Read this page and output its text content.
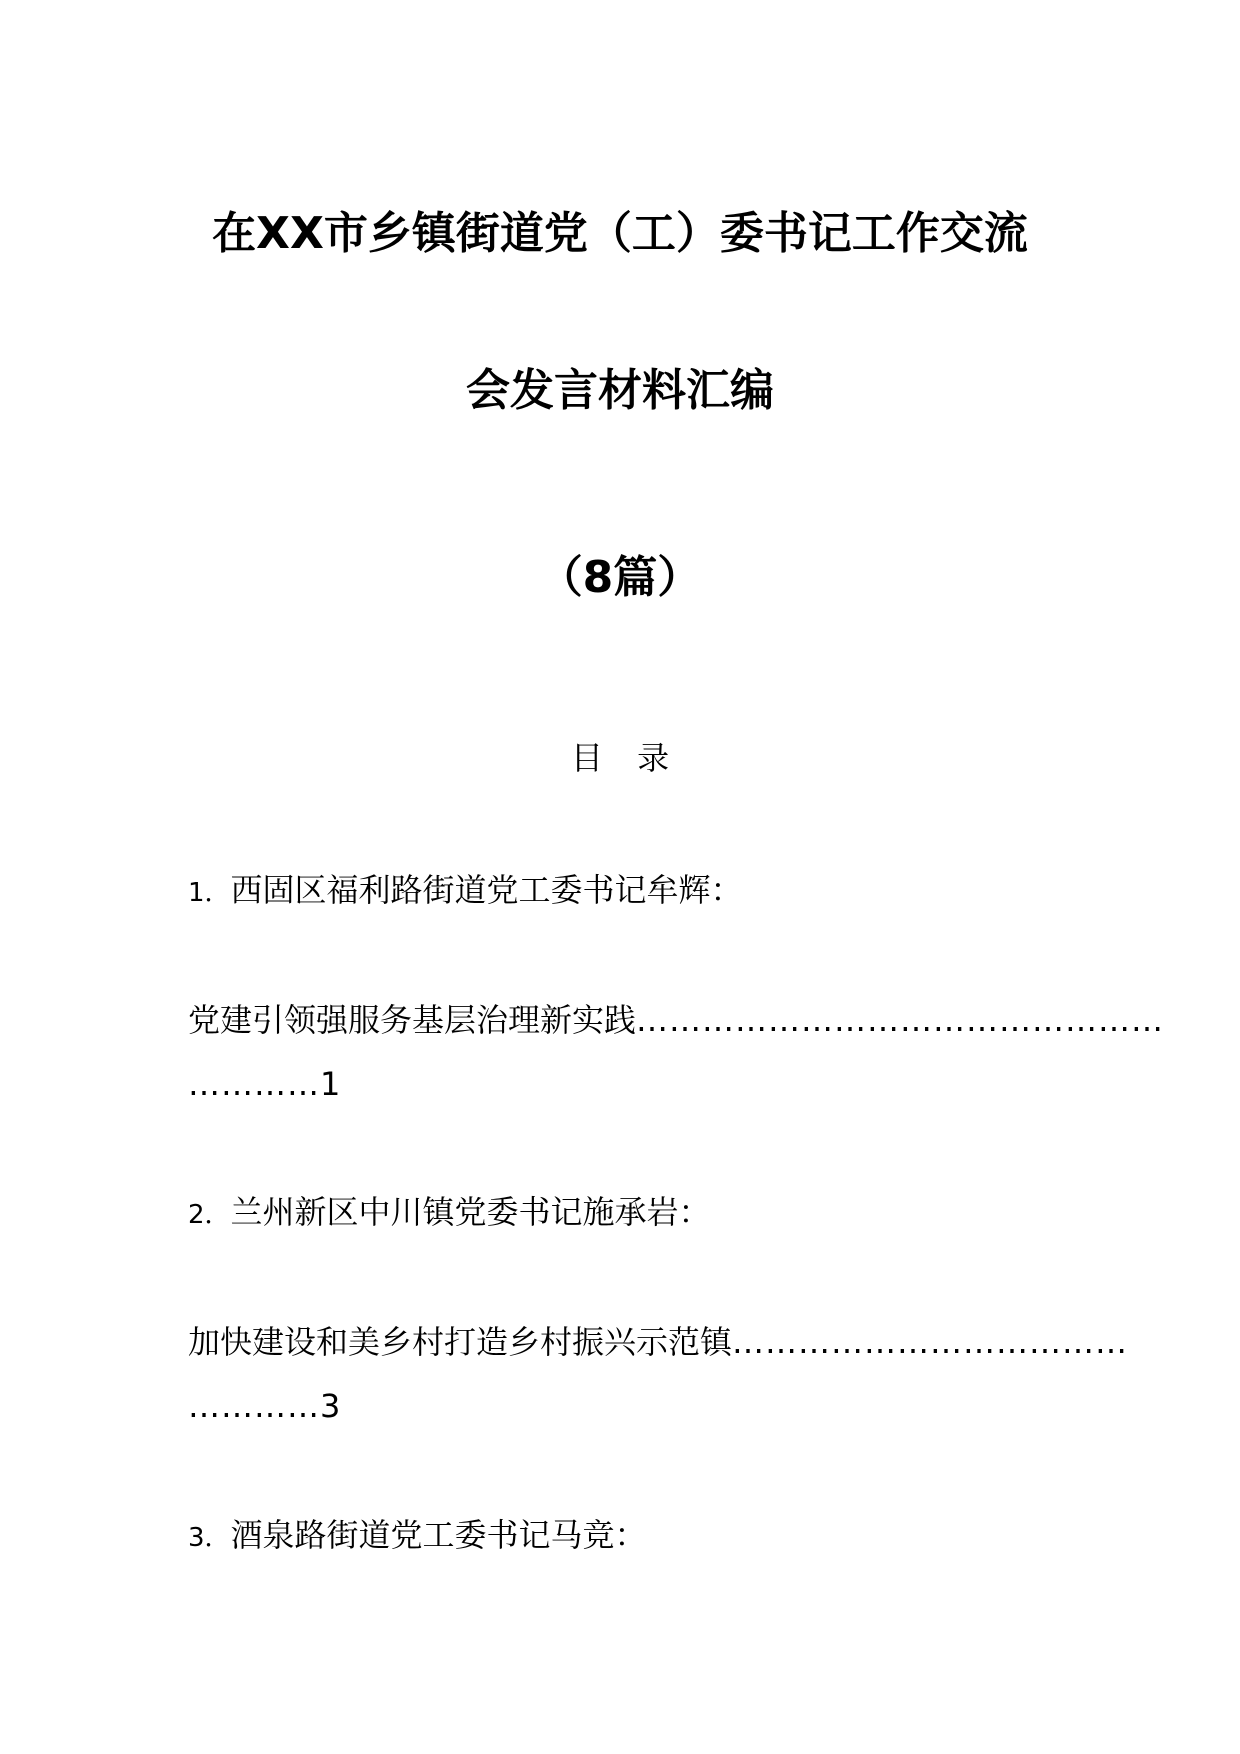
在XX市乡镇街道党（工）委书记工作交流
会发言材料汇编
（8篇）
目 录
1．西固区福利路街道党工委书记牟辉：
党建引领强服务基层治理新实践…………………………………………
…………1
2．兰州新区中川镇党委书记施承岩：
加快建设和美乡村打造乡村振兴示范镇………………………………
…………3
3．酒泉路街道党工委书记马竞：
